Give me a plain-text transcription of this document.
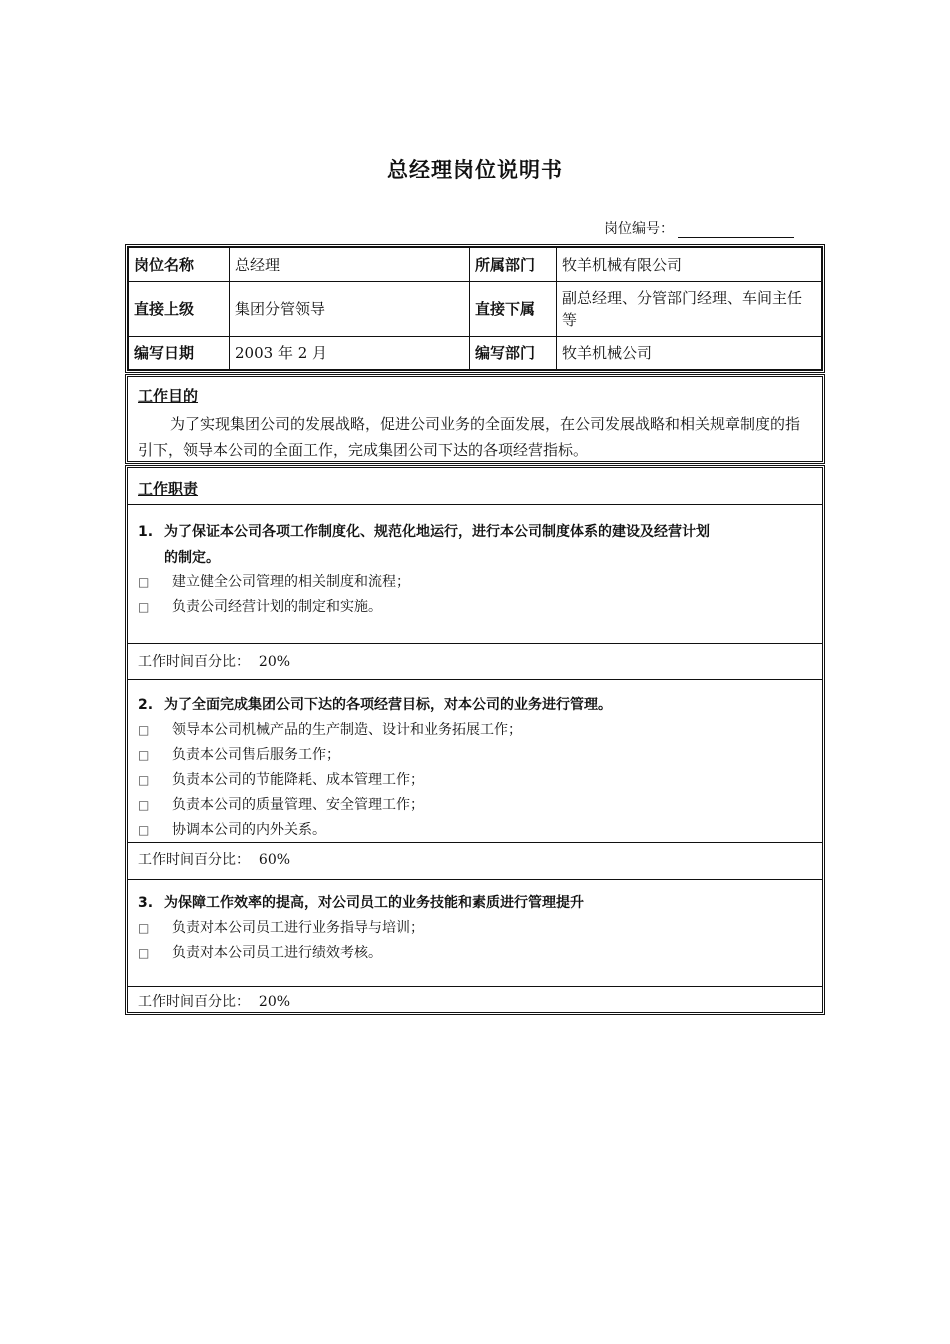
总经理岗位说明书
岗位编号：
岗位名称	总经理	所属部门	牧羊机械有限公司
直接上级	集团分管领导	直接下属	副总经理、分管部门经理、车间主任等
编写日期	2003 年 2 月	编写部门	牧羊机械公司
工作目的
为了实现集团公司的发展战略，促进公司业务的全面发展，在公司发展战略和相关规章制度的指引下，领导本公司的全面工作，完成集团公司下达的各项经营指标。
工作职责
1. 为了保证本公司各项工作制度化、规范化地运行，进行本公司制度体系的建设及经营计划
的制定。
□ 建立健全公司管理的相关制度和流程；
□ 负责公司经营计划的制定和实施。
工作时间百分比： 20%
2. 为了全面完成集团公司下达的各项经营目标，对本公司的业务进行管理。
□ 领导本公司机械产品的生产制造、设计和业务拓展工作；
□ 负责本公司售后服务工作；
□ 负责本公司的节能降耗、成本管理工作；
□ 负责本公司的质量管理、安全管理工作；
□ 协调本公司的内外关系。
工作时间百分比： 60%
3. 为保障工作效率的提高，对公司员工的业务技能和素质进行管理提升
□ 负责对本公司员工进行业务指导与培训；
□ 负责对本公司员工进行绩效考核。
工作时间百分比： 20%
